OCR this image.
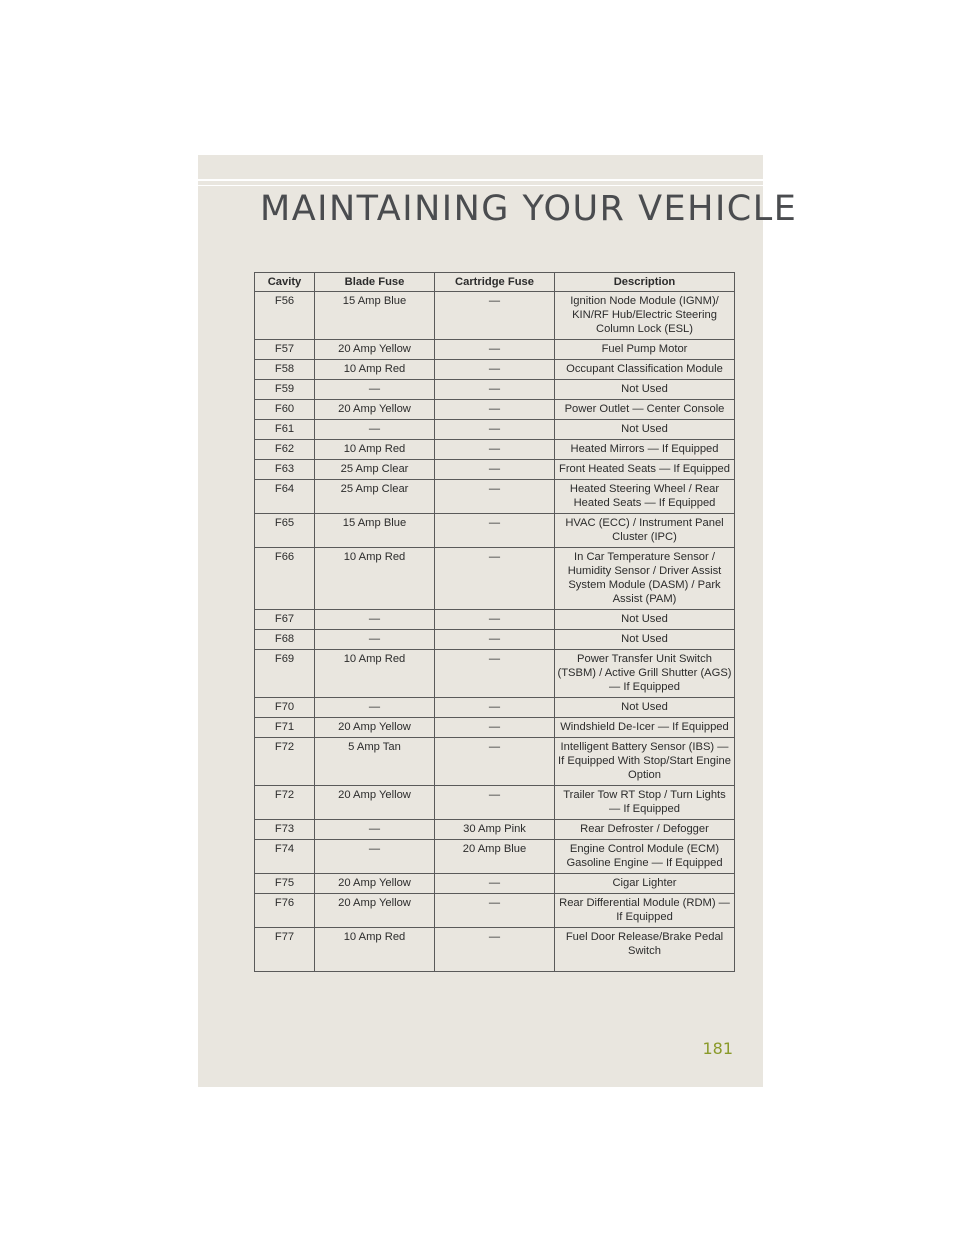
MAINTAINING YOUR VEHICLE
Cavity	Blade Fuse	Cartridge Fuse	Description
F56	15 Amp Blue	—	Ignition Node Module (IGNM)/ KIN/RF Hub/Electric Steering Column Lock (ESL)
F57	20 Amp Yellow	—	Fuel Pump Motor
F58	10 Amp Red	—	Occupant Classification Module
F59	—	—	Not Used
F60	20 Amp Yellow	—	Power Outlet — Center Console
F61	—	—	Not Used
F62	10 Amp Red	—	Heated Mirrors — If Equipped
F63	25 Amp Clear	—	Front Heated Seats — If Equipped
F64	25 Amp Clear	—	Heated Steering Wheel / Rear Heated Seats — If Equipped
F65	15 Amp Blue	—	HVAC (ECC) / Instrument Panel Cluster (IPC)
F66	10 Amp Red	—	In Car Temperature Sensor / Humidity Sensor / Driver Assist System Module (DASM) / Park Assist (PAM)
F67	—	—	Not Used
F68	—	—	Not Used
F69	10 Amp Red	—	Power Transfer Unit Switch (TSBM) / Active Grill Shutter (AGS) — If Equipped
F70	—	—	Not Used
F71	20 Amp Yellow	—	Windshield De-Icer — If Equipped
F72	5 Amp Tan	—	Intelligent Battery Sensor (IBS) — If Equipped With Stop/Start Engine Option
F72	20 Amp Yellow	—	Trailer Tow RT Stop / Turn Lights — If Equipped
F73	—	30 Amp Pink	Rear Defroster / Defogger
F74	—	20 Amp Blue	Engine Control Module (ECM) Gasoline Engine — If Equipped
F75	20 Amp Yellow	—	Cigar Lighter
F76	20 Amp Yellow	—	Rear Differential Module (RDM) — If Equipped
F77	10 Amp Red	—	Fuel Door Release/Brake Pedal Switch
181
